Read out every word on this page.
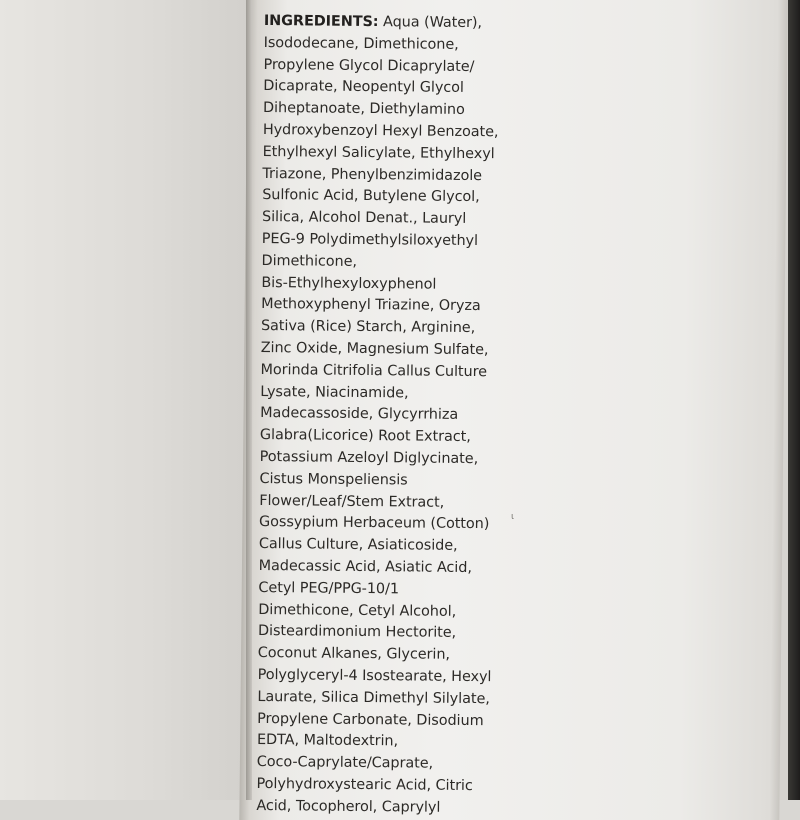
INGREDIENTS: Aqua (Water),
Isododecane, Dimethicone,
Propylene Glycol Dicaprylate/
Dicaprate, Neopentyl Glycol
Diheptanoate, Diethylamino
Hydroxybenzoyl Hexyl Benzoate,
Ethylhexyl Salicylate, Ethylhexyl
Triazone, Phenylbenzimidazole
Sulfonic Acid, Butylene Glycol,
Silica, Alcohol Denat., Lauryl
PEG-9 Polydimethylsiloxyethyl
Dimethicone,
Bis-Ethylhexyloxyphenol
Methoxyphenyl Triazine, Oryza
Sativa (Rice) Starch, Arginine,
Zinc Oxide, Magnesium Sulfate,
Morinda Citrifolia Callus Culture
Lysate, Niacinamide,
Madecassoside, Glycyrrhiza
Glabra(Licorice) Root Extract,
Potassium Azeloyl Diglycinate,
Cistus Monspeliensis
Flower/Leaf/Stem Extract,
Gossypium Herbaceum (Cotton)
Callus Culture, Asiaticoside,
Madecassic Acid, Asiatic Acid,
Cetyl PEG/PPG-10/1
Dimethicone, Cetyl Alcohol,
Disteardimonium Hectorite,
Coconut Alkanes, Glycerin,
Polyglyceryl-4 Isostearate, Hexyl
Laurate, Silica Dimethyl Silylate,
Propylene Carbonate, Disodium
EDTA, Maltodextrin,
Coco-Caprylate/Caprate,
Polyhydroxystearic Acid, Citric
Acid, Tocopherol, Caprylyl
ɩ
